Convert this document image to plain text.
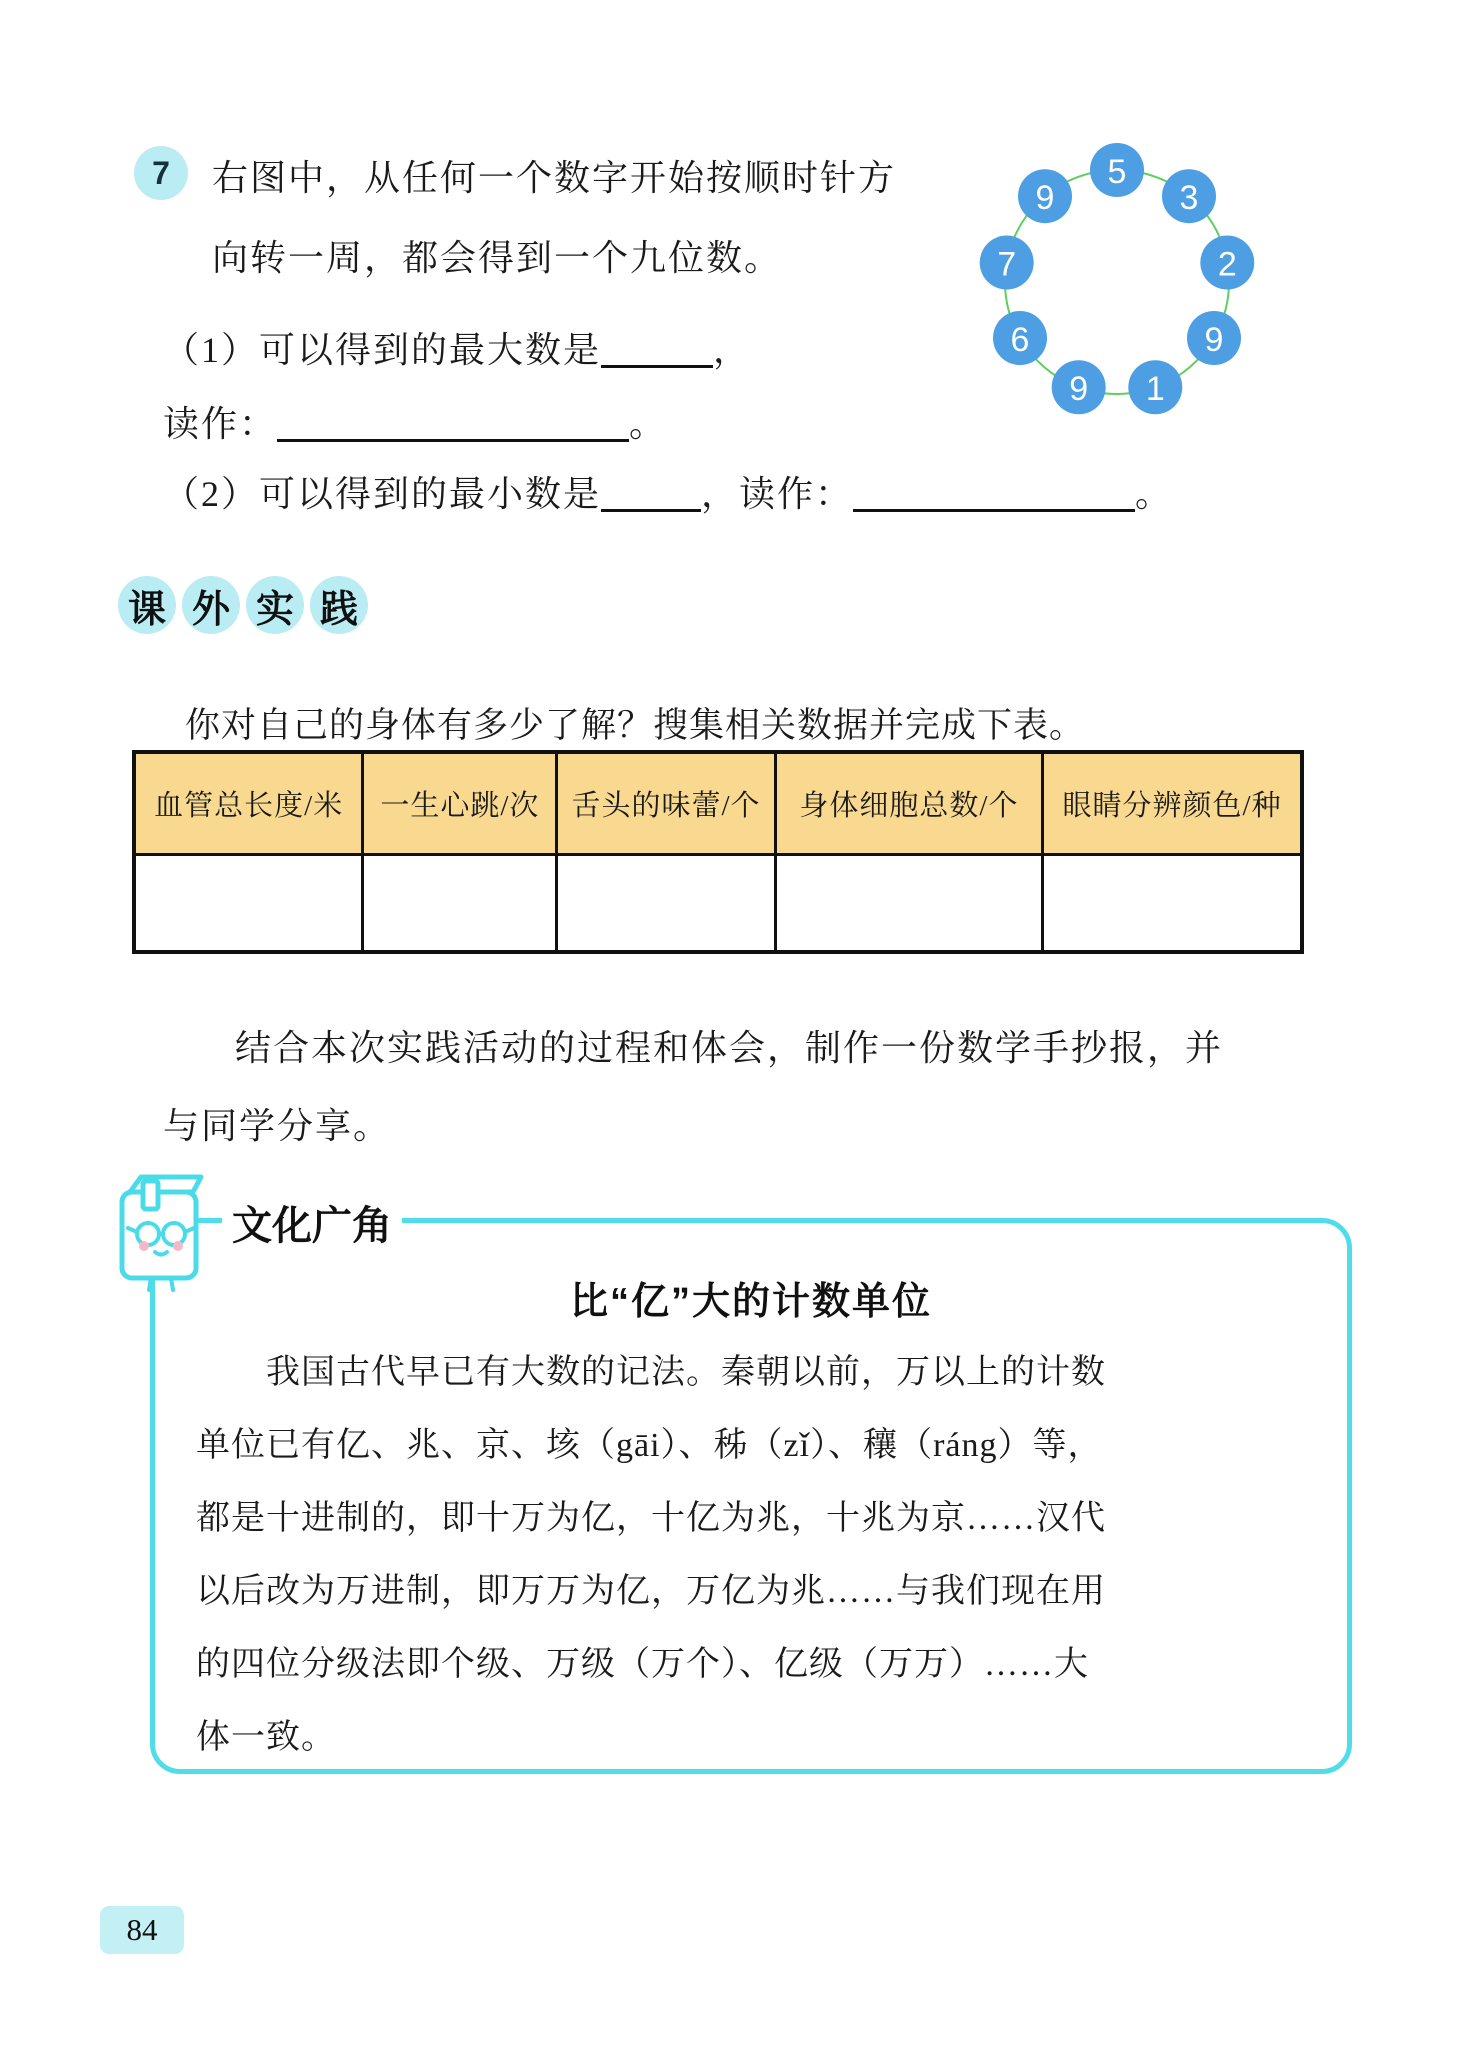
7	右图中，从任何一个数字开始按顺时针方
向转一周，都会得到一个九位数。
（1）可以得到的最大数是	，
读作：	。
（2）可以得到的最小数是	，读作：	。
5
3
2
9
1
9
6
7
9
课 外 实 践
你对自己的身体有多少了解？搜集相关数据并完成下表。
血管总长度/米	一生心跳/次	舌头的味蕾/个	身体细胞总数/个	眼睛分辨颜色/种

结合本次实践活动的过程和体会，制作一份数学手抄报，并
与同学分享。
文化广角
比“亿”大的计数单位
我国古代早已有大数的记法。秦朝以前，万以上的计数
单位已有亿、兆、京、垓（gāi）、秭（zǐ）、穰（ráng）等，
都是十进制的，即十万为亿，十亿为兆，十兆为京……汉代
以后改为万进制，即万万为亿，万亿为兆……与我们现在用
的四位分级法即个级、万级（万个）、亿级（万万）……大
体一致。
84
